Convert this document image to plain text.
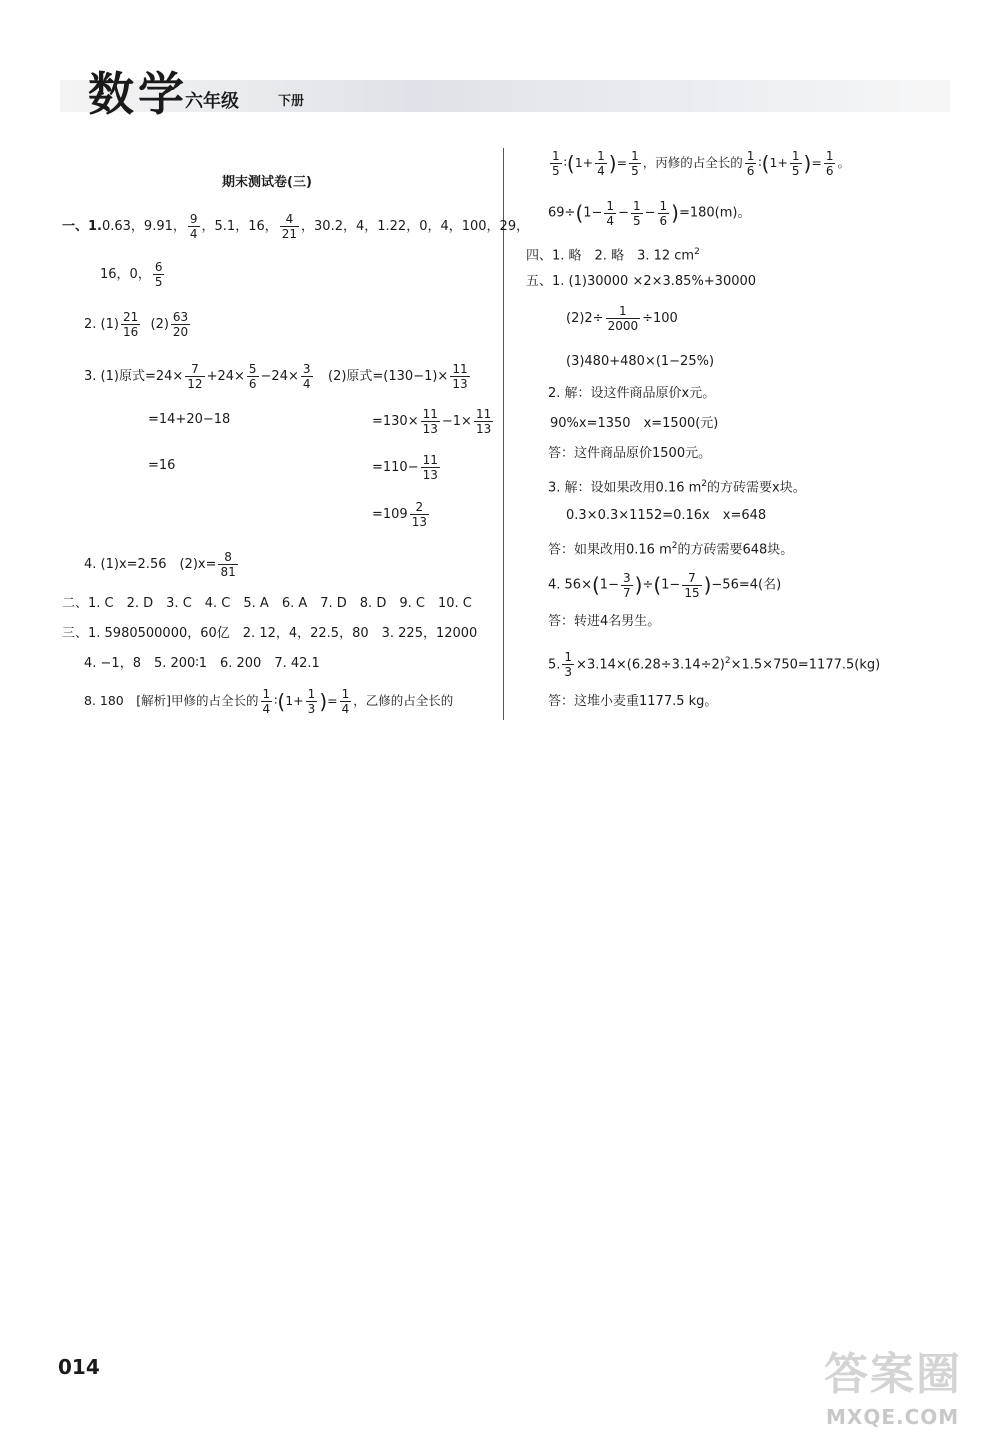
数学
六年级	下册
期末测试卷(三)
一、1.0.63，9.91， $\frac{9}{4}$ ，5.1，16， $\frac{4}{21}$ ，30.2，4，1.22，0，4，100，29，
16，0， $\frac{6}{5}$
2. $(1) \frac{21}{16} (2) \frac{63}{20}$
3. (1)原式$=24\times \frac{7}{12} +24\times \frac{5}{6} -24\times \frac{3}{4} (2)$原式$=(130-1)\times \frac{11}{13}$
=14+20−18
=16
$=130\times \frac{11}{13} -1\times \frac{11}{13}$
$=110- \frac{11}{13}$
$=109 \frac{2}{13}$
4. (1)x=2.56　$(2)x= \frac{8}{81}$
二、1. C　2. D　3. C　4. C　5. A　6. A　7. D　8. D　9. C　10. C
三、1. 5980500000，60亿　2. 12，4，22.5，80　3. 225，12000
4. −1，8　5. 200∶1　6. 200　7. 42.1
8. 180　[解析]甲修的占全长的 $\frac{1}{4}$ ∶(1+ $\frac{1}{3}$ )= $\frac{1}{4}$ ，乙修的占全长的
$\frac{1}{5}$ ∶(1+ $\frac{1}{4}$ )= $\frac{1}{5}$ ，丙修的占全长的 $\frac{1}{6}$ ∶(1+ $\frac{1}{5}$ )= $\frac{1}{6}$ 。
$69\div(1- \frac{1}{4} - \frac{1}{5} - \frac{1}{6} )=180(m)$。
四、1. 略　2. 略　3. 12 $cm^2$
五、1. (1)30000 ×2×3.85%+30000
$(2)2\div \frac{1}{2000} \div 100$
(3)480+480×(1−25%)
2. 解：设这件商品原价x元。
90%x=1350　x=1500(元)
答：这件商品原价1500元。
3. 解：设如果改用0.16 $m^2$的方砖需要x块。
0.3×0.3×1152=0.16x　x=648
答：如果改用0.16 $m^2$的方砖需要648块。
4. $56\times(1- \frac{3}{7} )\div(1- \frac{7}{15} )-56=4$(名)
答：转进4名男生。
5. $\frac{1}{3} \times 3.14\times(6.28\div 3.14\div 2)^2\times 1.5\times 750=1177.5(kg)$
答：这堆小麦重1177.5 kg。
014	答案圈
MXQE.COM
